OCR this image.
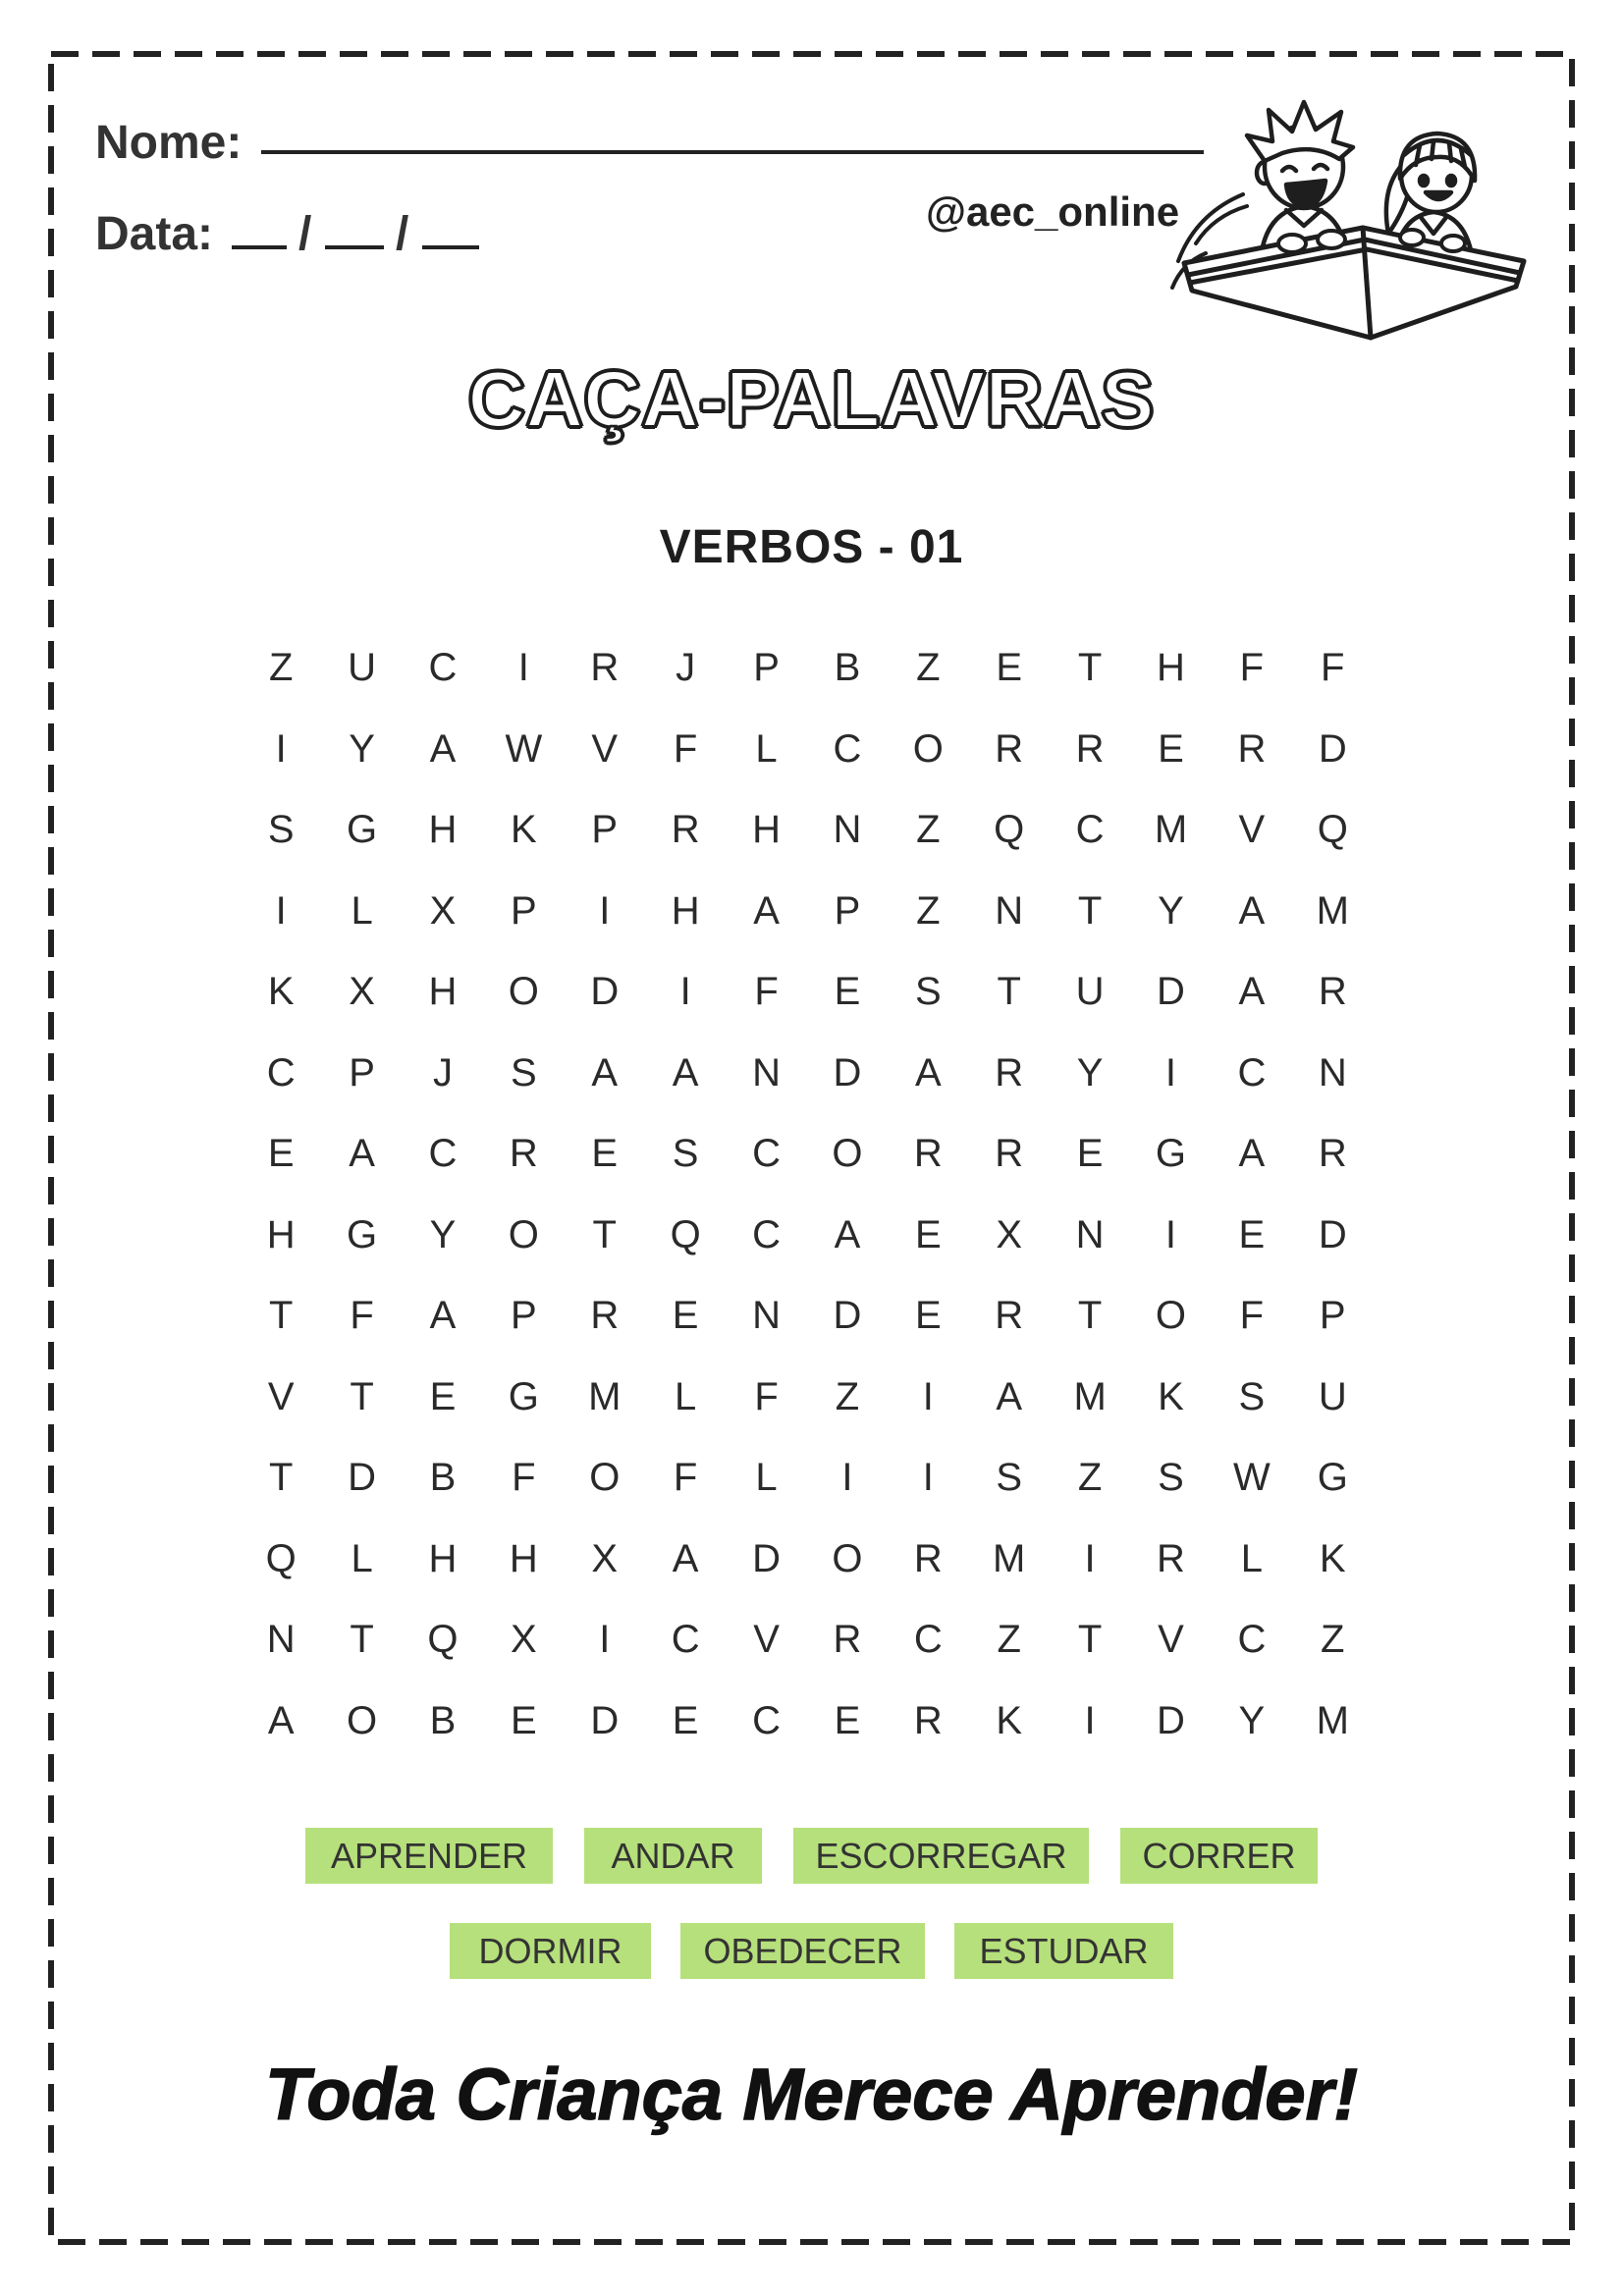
Nome:
Data: / /	@aec_online
CAÇA-PALAVRAS
VERBOS - 01
Z	U	C	I	R	J	P	B	Z	E	T	H	F	F
I	Y	A	W	V	F	L	C	O	R	R	E	R	D
S	G	H	K	P	R	H	N	Z	Q	C	M	V	Q
I	L	X	P	I	H	A	P	Z	N	T	Y	A	M
K	X	H	O	D	I	F	E	S	T	U	D	A	R
C	P	J	S	A	A	N	D	A	R	Y	I	C	N
E	A	C	R	E	S	C	O	R	R	E	G	A	R
H	G	Y	O	T	Q	C	A	E	X	N	I	E	D
T	F	A	P	R	E	N	D	E	R	T	O	F	P
V	T	E	G	M	L	F	Z	I	A	M	K	S	U
T	D	B	F	O	F	L	I	I	S	Z	S	W	G
Q	L	H	H	X	A	D	O	R	M	I	R	L	K
N	T	Q	X	I	C	V	R	C	Z	T	V	C	Z
A	O	B	E	D	E	C	E	R	K	I	D	Y	M
APRENDER	ANDAR	ESCORREGAR	CORRER
DORMIR	OBEDECER	ESTUDAR
Toda Criança Merece Aprender!
